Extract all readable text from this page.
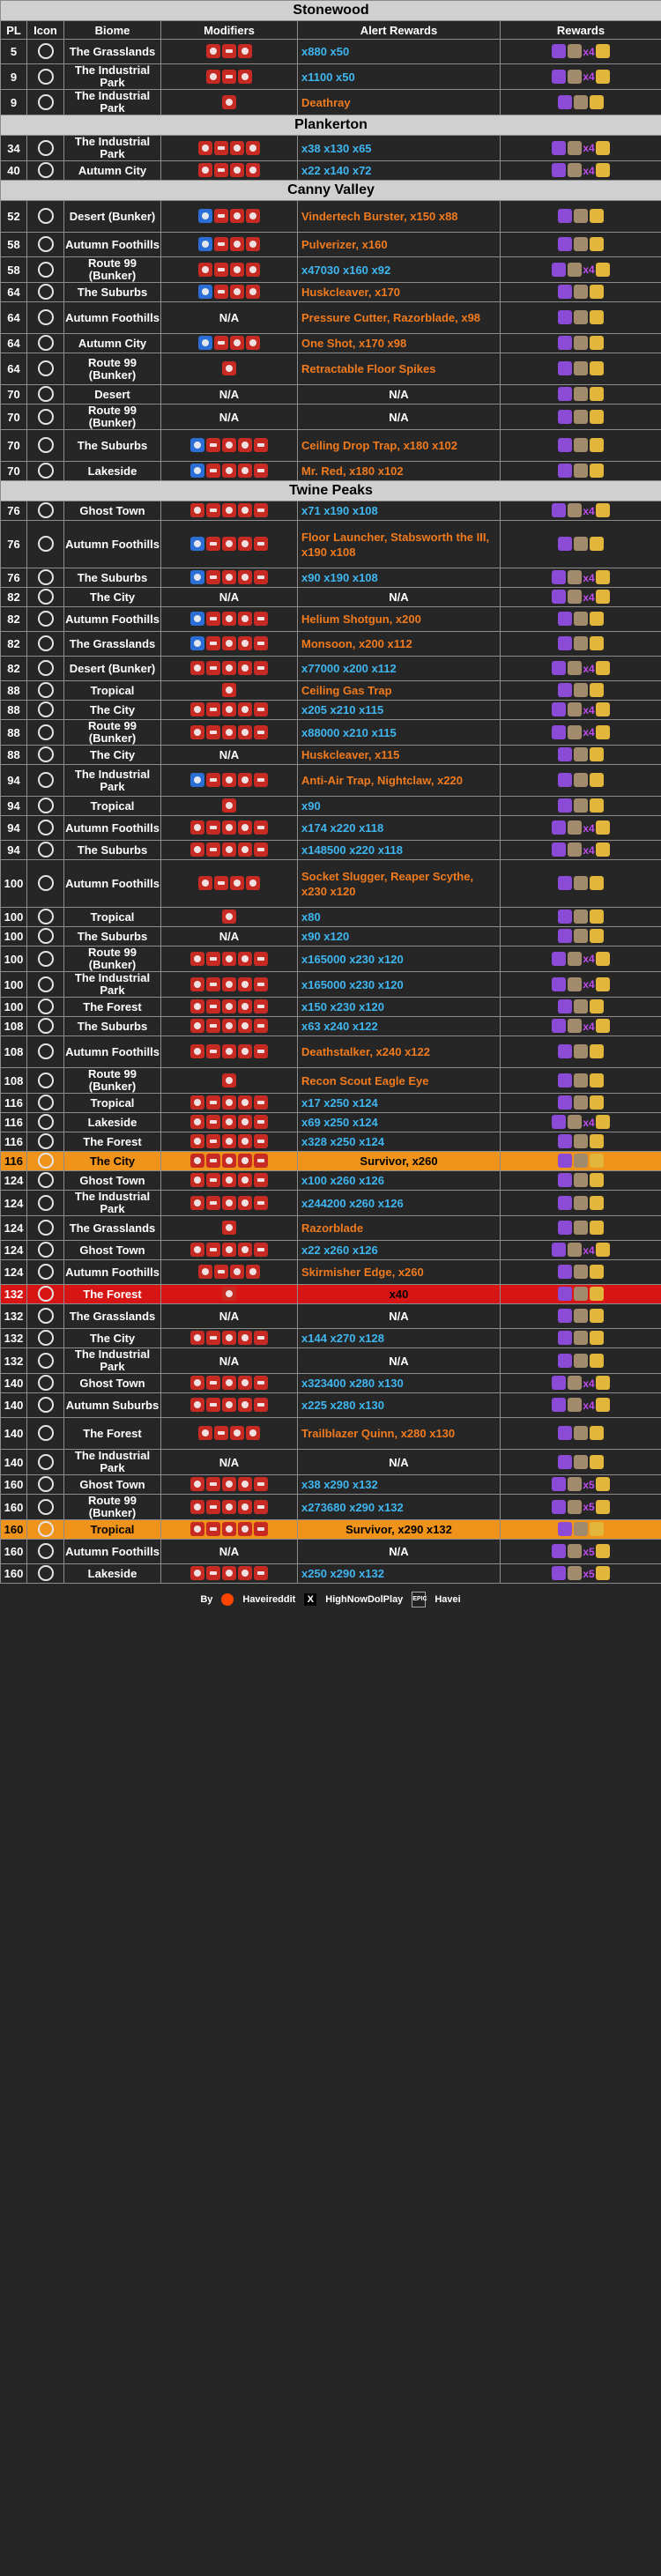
Stonewood					
PL	Icon	Biome	Modifiers	Alert Rewards	Rewards
5		The Grasslands		x880 x50	x4
9		The Industrial Park		x1100 x50	x4
9		The Industrial Park		Deathray	
Plankerton					
34		The Industrial Park		x38 x130 x65	x4
40		Autumn City		x22 x140 x72	x4
Canny Valley					
52		Desert (Bunker)		Vindertech Burster, x150 x88	
58		Autumn Foothills		Pulverizer, x160	
58		Route 99 (Bunker)		x47030 x160 x92	x4
64		The Suburbs		Huskcleaver, x170	
64		Autumn Foothills	N/A	Pressure Cutter, Razorblade, x98	
64		Autumn City		One Shot, x170 x98	
64		Route 99 (Bunker)		Retractable Floor Spikes	
70		Desert	N/A	N/A	
70		Route 99 (Bunker)	N/A	N/A	
70		The Suburbs		Ceiling Drop Trap, x180 x102	
70		Lakeside		Mr. Red, x180 x102	
Twine Peaks					
76		Ghost Town		x71 x190 x108	x4
76		Autumn Foothills		Floor Launcher, Stabsworth the III, x190 x108	
76		The Suburbs		x90 x190 x108	x4
82		The City	N/A	N/A	x4
82		Autumn Foothills		Helium Shotgun, x200	
82		The Grasslands		Monsoon, x200 x112	
82		Desert (Bunker)		x77000 x200 x112	x4
88		Tropical		Ceiling Gas Trap	
88		The City		x205 x210 x115	x4
88		Route 99 (Bunker)		x88000 x210 x115	x4
88		The City	N/A	Huskcleaver, x115	
94		The Industrial Park		Anti-Air Trap, Nightclaw, x220	
94		Tropical		x90	
94		Autumn Foothills		x174 x220 x118	x4
94		The Suburbs		x148500 x220 x118	x4
100		Autumn Foothills		Socket Slugger, Reaper Scythe, x230 x120	
100		Tropical		x80	
100		The Suburbs	N/A	x90 x120	
100		Route 99 (Bunker)		x165000 x230 x120	x4
100		The Industrial Park		x165000 x230 x120	x4
100		The Forest		x150 x230 x120	
108		The Suburbs		x63 x240 x122	x4
108		Autumn Foothills		Deathstalker, x240 x122	
108		Route 99 (Bunker)		Recon Scout Eagle Eye	
116		Tropical		x17 x250 x124	
116		Lakeside		x69 x250 x124	x4
116		The Forest		x328 x250 x124	
116		The City		Survivor, x260	
124		Ghost Town		x100 x260 x126	
124		The Industrial Park		x244200 x260 x126	
124		The Grasslands		Razorblade	
124		Ghost Town		x22 x260 x126	x4
124		Autumn Foothills		Skirmisher Edge, x260	
132		The Forest		x40	
132		The Grasslands	N/A	N/A	
132		The City		x144 x270 x128	
132		The Industrial Park	N/A	N/A	
140		Ghost Town		x323400 x280 x130	x4
140		Autumn Suburbs		x225 x280 x130	x4
140		The Forest		Trailblazer Quinn, x280 x130	
140		The Industrial Park	N/A	N/A	
160		Ghost Town		x38 x290 x132	x5
160		Route 99 (Bunker)		x273680 x290 x132	x5
160		Tropical		Survivor, x290 x132	
160		Autumn Foothills	N/A	N/A	x5
160		Lakeside		x250 x290 x132	x5
By	Haveireddit	X	HighNowDolPlay EPIC Havei
